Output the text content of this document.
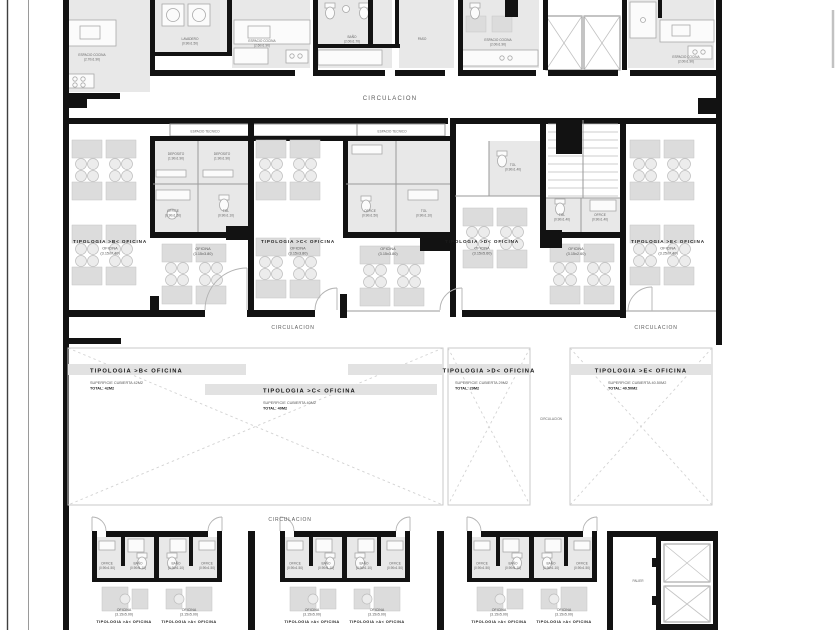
OFFICE
(0.90x1.50)
BAÑO
(0.90x1.10)
OFICINA
(3.15x5.00)
TIPOLOGIA >A< OFICINA
ESPACIO COCINA
(2.70x1.90)
LAVADERO
(0.90x1.50)
ESPACIO COCINA
(2.60x1.90)
BAÑO
(2.00x1.70)
PASO	ESPACIO COCINA
(2.00x1.90)
ESPACIO COCINA
(2.00x1.90)
CIRCULACION
ESPACIO TECNICO	ESPACIO TECNICO
DEPOSITO
(1.90x1.90)
DEPOSITO
(1.90x1.90)
OFFICE
(0.90x1.50)
TOL
(0.90x1.10)
OFFICE
(0.90x1.50)
TOL
(0.90x1.10)
TOL
(0.90x1.40)
TOL
(0.90x1.40)
OFFICE
(0.90x1.40)
TIPOLOGIA >B< OFICINA
OFICINA
(3.15x7.40)
OFICINA
(3.15x3.80)
TIPOLOGIA >C< OFICINA
OFICINA
(3.15x3.80)
OFICINA
(3.15x3.80)
TIPOLOGIA >D< OFICINA
OFICINA
(3.15x5.60)
OFICINA
(3.15x2.60)
TIPOLOGIA >E< OFICINA
OFICINA
(3.25x7.40)
CIRCULACION	CIRCULACION
TIPOLOGIA >B< OFICINA
SUPERFICIE CUBIERTA 42M2
TOTAL: 42M2	TIPOLOGIA >C< OFICINA
SUPERFICIE CUBIERTA 40M2
TOTAL: 40M2
TIPOLOGIA >D< OFICINA
SUPERFICIE CUBIERTA 29M2
TOTAL: 29M2
TIPOLOGIA >E< OFICINA
SUPERFICIE CUBIERTA 40.50M2
TOTAL: 40.50M2
CIRCULACION
CIRCULACION
PALIER
